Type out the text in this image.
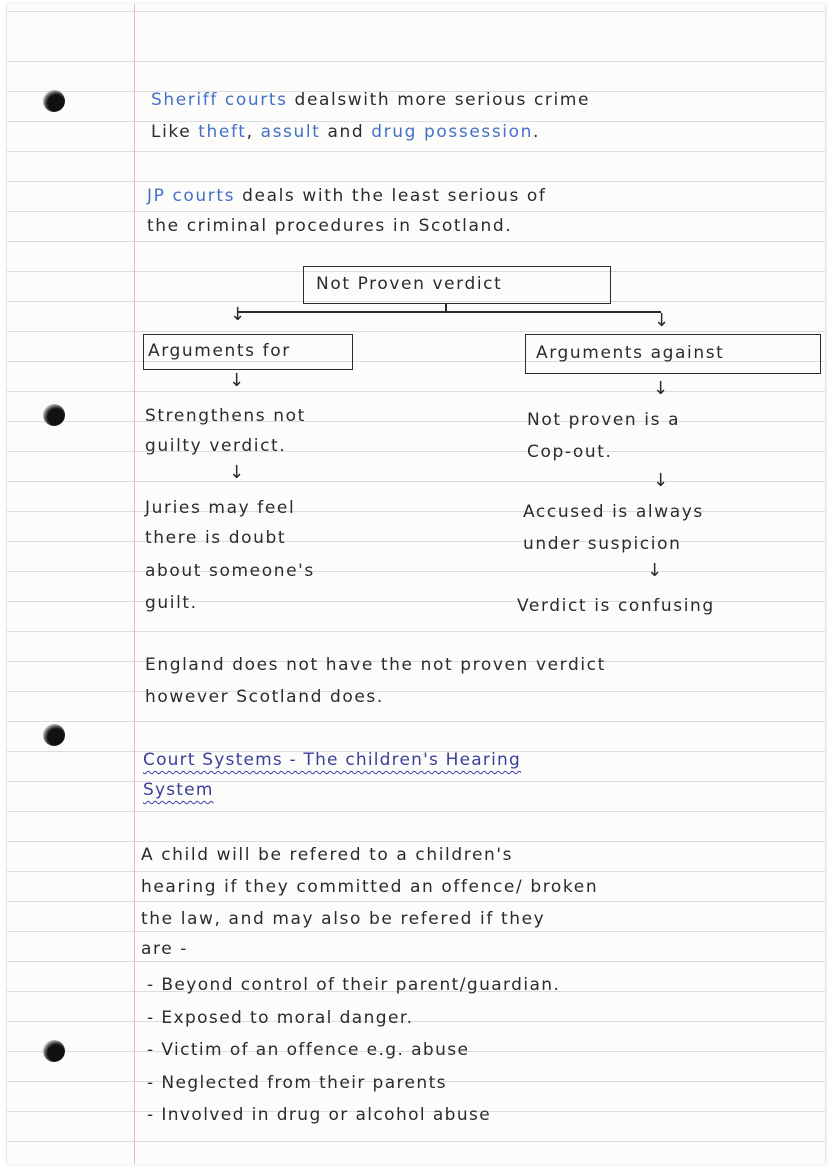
Sheriff courts dealswith more serious crime
Like theft, assult and drug possession.
JP courts deals with the least serious of
the criminal procedures in Scotland.
Not Proven verdict
↓	↓
Arguments for	Arguments against
↓	↓
Strengthens not
guilty verdict.
↓
Juries may feel
there is doubt
about someone's
guilt.
Not proven is a
Cop-out.
↓
Accused is always
under suspicion
↓
Verdict is confusing
England does not have the not proven verdict
however Scotland does.
Court Systems - The children's Hearing
System
A child will be refered to a children's
hearing if they committed an offence/ broken
the law, and may also be refered if they
are -
- Beyond control of their parent/guardian.
- Exposed to moral danger.
- Victim of an offence e.g. abuse
- Neglected from their parents
- Involved in drug or alcohol abuse
